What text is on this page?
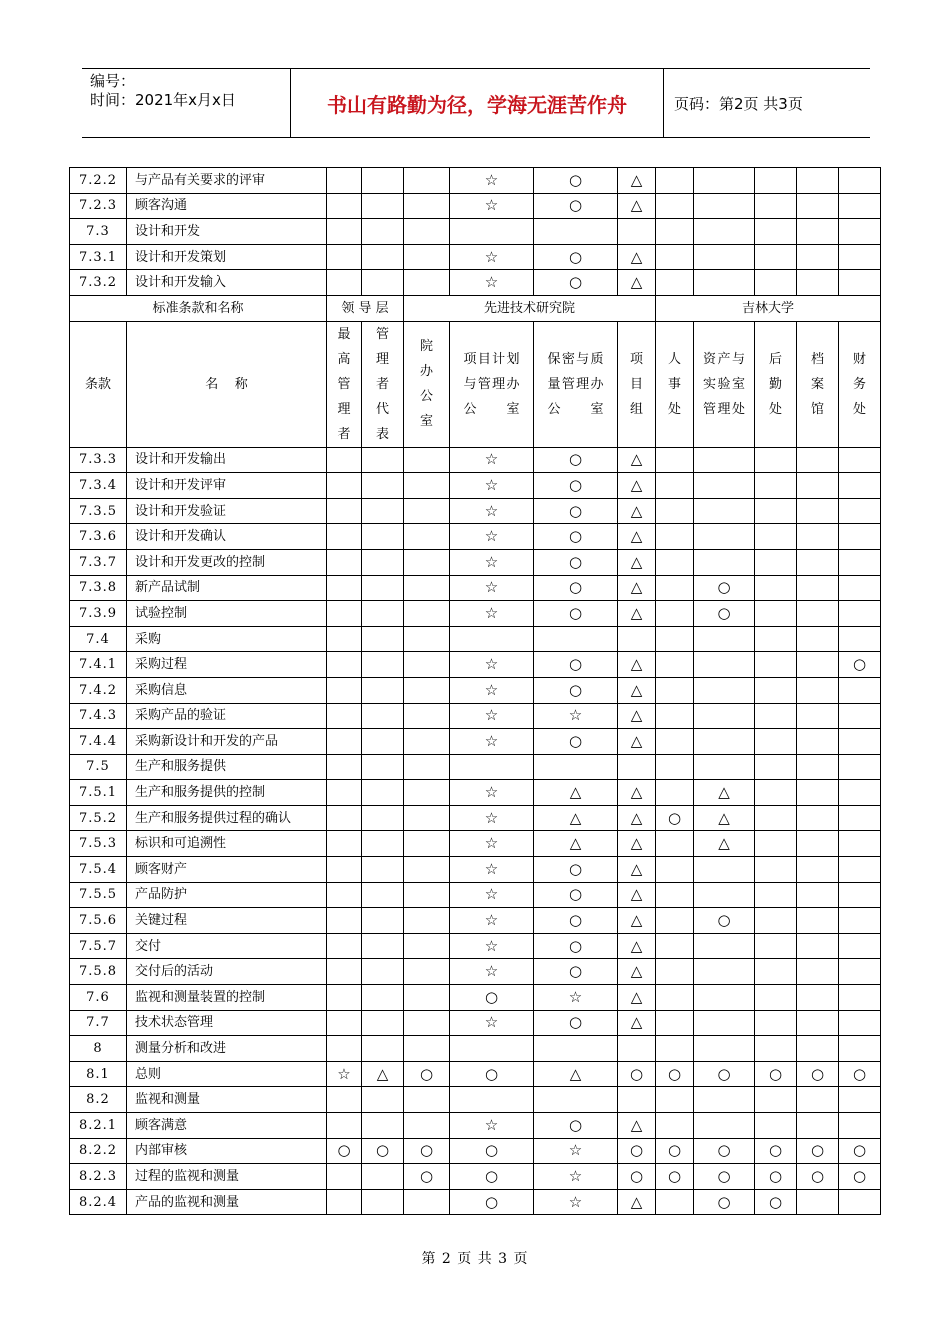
编号：
时间：2021年x月x日	书山有路勤为径，学海无涯苦作舟	页码：第2页 共3页
7.2.2	与产品有关要求的评审				☆	○	△					
7.2.3	顾客沟通				☆	○	△					
7.3	设计和开发											
7.3.1	设计和开发策划				☆	○	△					
7.3.2	设计和开发输入				☆	○	△					
标准条款和名称		领 导 层		先进技术研究院				吉林大学				
条款	名    称	最高管理者	管理者代表	院办公室	项目计划与管理办公室	保密与质量管理办公室	项目组	人事处	资产与实验室管理处	后勤处	档案馆	财务处
7.3.3	设计和开发输出				☆	○	△					
7.3.4	设计和开发评审				☆	○	△					
7.3.5	设计和开发验证				☆	○	△					
7.3.6	设计和开发确认				☆	○	△					
7.3.7	设计和开发更改的控制				☆	○	△					
7.3.8	新产品试制				☆	○	△		○			
7.3.9	试验控制				☆	○	△		○			
7.4	采购											
7.4.1	采购过程				☆	○	△					○
7.4.2	采购信息				☆	○	△					
7.4.3	采购产品的验证				☆	☆	△					
7.4.4	采购新设计和开发的产品				☆	○	△					
7.5	生产和服务提供											
7.5.1	生产和服务提供的控制				☆	△	△		△			
7.5.2	生产和服务提供过程的确认				☆	△	△	○	△			
7.5.3	标识和可追溯性				☆	△	△		△			
7.5.4	顾客财产				☆	○	△					
7.5.5	产品防护				☆	○	△					
7.5.6	关键过程				☆	○	△		○			
7.5.7	交付				☆	○	△					
7.5.8	交付后的活动				☆	○	△					
7.6	监视和测量装置的控制				○	☆	△					
7.7	技术状态管理				☆	○	△					
8	测量分析和改进											
8.1	总则	☆	△	○	○	△	○	○	○	○	○	○
8.2	监视和测量											
8.2.1	顾客满意				☆	○	△					
8.2.2	内部审核	○	○	○	○	☆	○	○	○	○	○	○
8.2.3	过程的监视和测量			○	○	☆	○	○	○	○	○	○
8.2.4	产品的监视和测量				○	☆	△		○	○		
第 2 页 共 3 页
